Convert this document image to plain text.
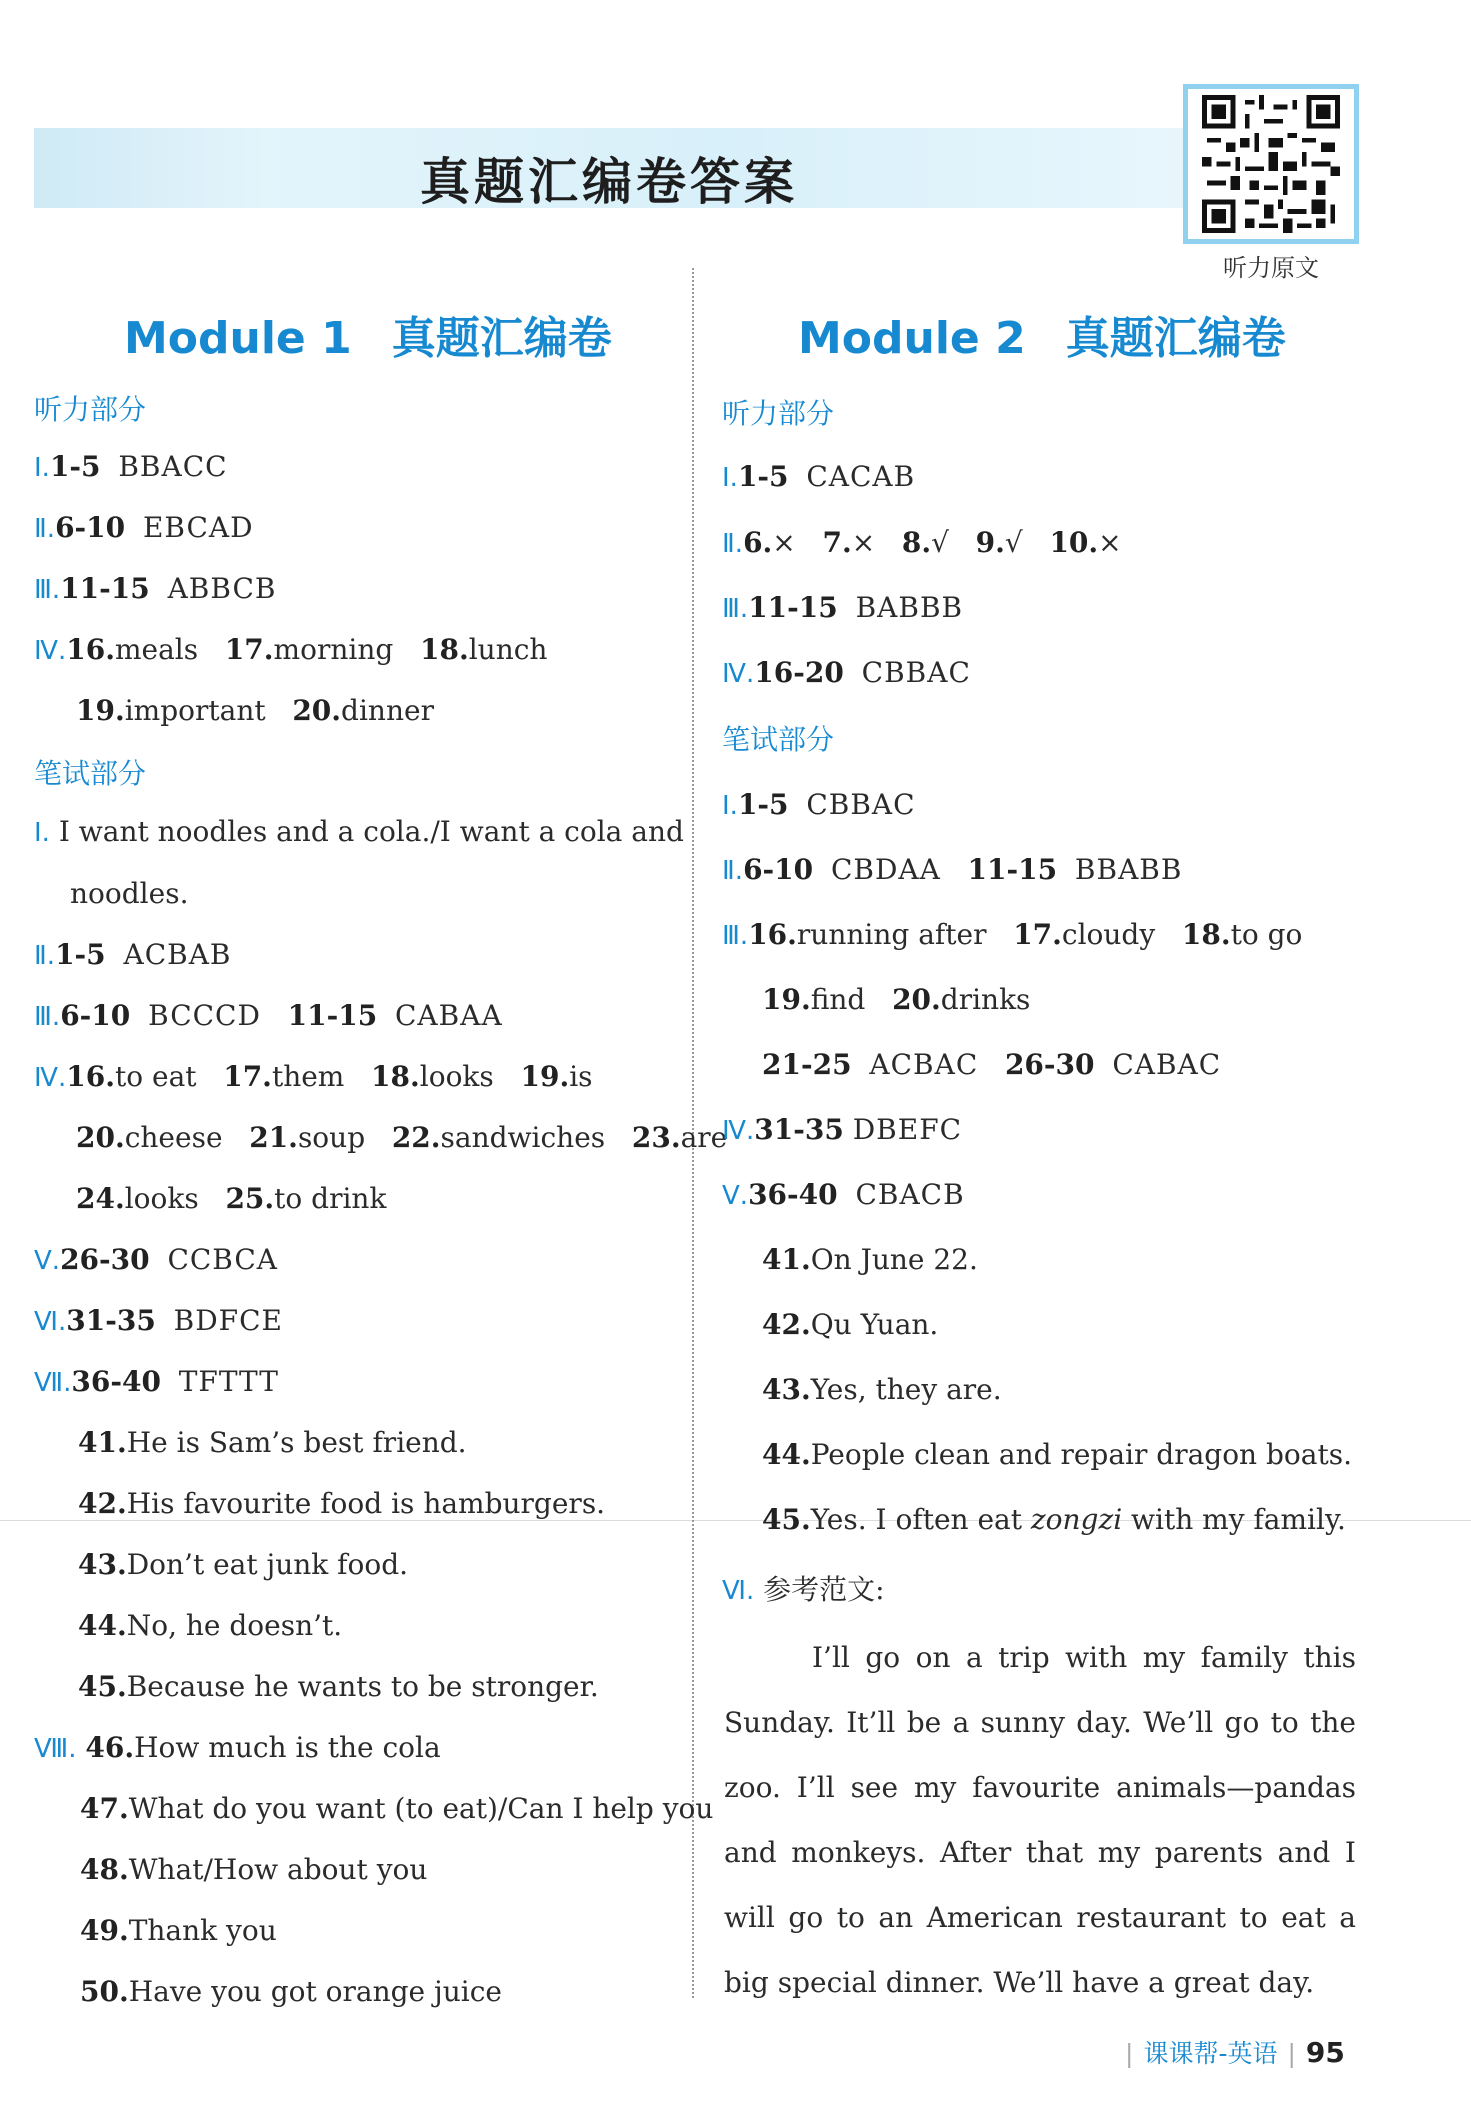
真题汇编卷答案
听力原文
Module 1 真题汇编卷
听力部分
Ⅰ.1-5 BBACC
Ⅱ.6-10 EBCAD
Ⅲ.11-15 ABBCB
Ⅳ.16.meals 17.morning 18.lunch
19.important 20.dinner
笔试部分
Ⅰ. I want noodles and a cola./I want a cola and
noodles.
Ⅱ.1-5 ACBAB
Ⅲ.6-10 BCCCD 11-15 CABAA
Ⅳ.16.to eat 17.them 18.looks 19.is
20.cheese 21.soup 22.sandwiches 23.are
24.looks 25.to drink
Ⅴ.26-30 CCBCA
Ⅵ.31-35 BDFCE
Ⅶ.36-40 TFTTT
41.He is Sam’s best friend.
42.His favourite food is hamburgers.
43.Don’t eat junk food.
44.No, he doesn’t.
45.Because he wants to be stronger.
Ⅷ. 46.How much is the cola
47.What do you want (to eat)/Can I help you
48.What/How about you
49.Thank you
50.Have you got orange juice
Module 2 真题汇编卷
听力部分
Ⅰ.1-5 CACAB
Ⅱ.6.× 7.× 8.√ 9.√ 10.×
Ⅲ.11-15 BABBB
Ⅳ.16-20 CBBAC
笔试部分
Ⅰ.1-5 CBBAC
Ⅱ.6-10 CBDAA 11-15 BBABB
Ⅲ.16.running after 17.cloudy 18.to go
19.find 20.drinks
21-25 ACBAC 26-30 CABAC
Ⅳ.31-35 DBEFC
Ⅴ.36-40 CBACB
41.On June 22.
42.Qu Yuan.
43.Yes, they are.
44.People clean and repair dragon boats.
45.Yes. I often eat zongzi with my family.
Ⅵ. 参考范文:
I’ll go on a trip with my family this Sunday. It’ll be a sunny day. We’ll go to the zoo. I’ll see my favourite animals—pandas and monkeys. After that my parents and I will go to an American restaurant to eat a big special dinner. We’ll have a great day.
| 课课帮-英语 | 95
